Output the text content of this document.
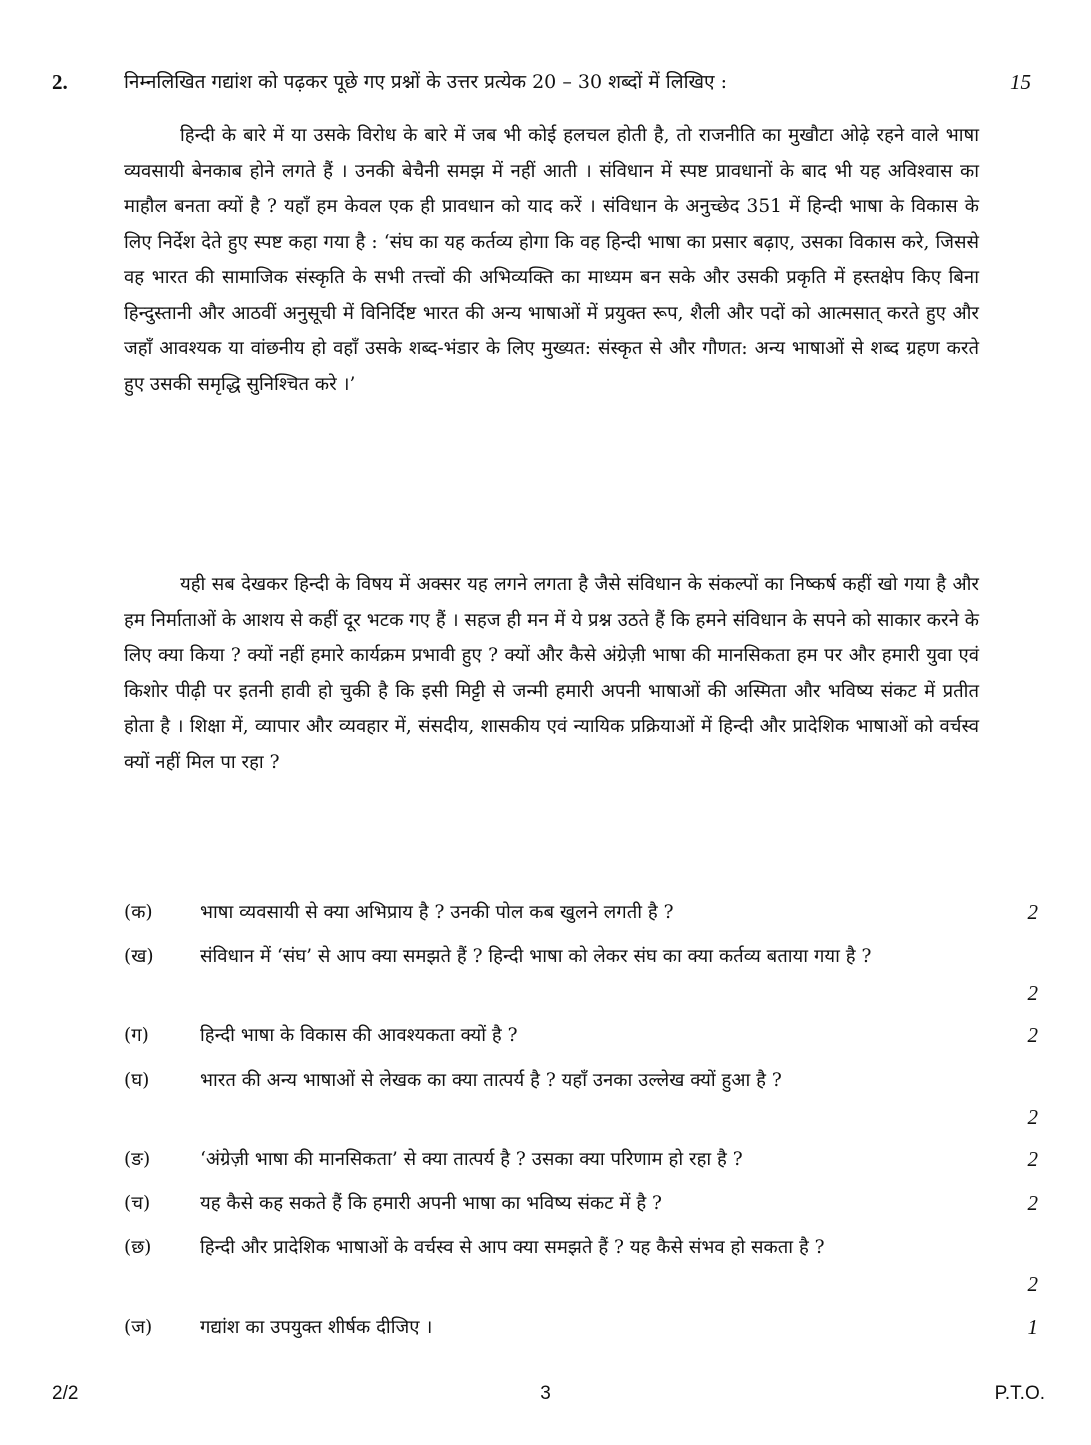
2.	निम्नलिखित गद्यांश को पढ़कर पूछे गए प्रश्नों के उत्तर प्रत्येक 20 – 30 शब्दों में लिखिए :	15

हिन्दी के बारे में या उसके विरोध के बारे में जब भी कोई हलचल होती है, तो राजनीति का मुखौटा ओढ़े रहने वाले भाषा व्यवसायी बेनकाब होने लगते हैं । उनकी बेचैनी समझ में नहीं आती । संविधान में स्पष्ट प्रावधानों के बाद भी यह अविश्वास का माहौल बनता क्यों है ? यहाँ हम केवल एक ही प्रावधान को याद करें । संविधान के अनुच्छेद 351 में हिन्दी भाषा के विकास के लिए निर्देश देते हुए स्पष्ट कहा गया है : ‘संघ का यह कर्तव्य होगा कि वह हिन्दी भाषा का प्रसार बढ़ाए, उसका विकास करे, जिससे वह भारत की सामाजिक संस्कृति के सभी तत्त्वों की अभिव्यक्ति का माध्यम बन सके और उसकी प्रकृति में हस्तक्षेप किए बिना हिन्दुस्तानी और आठवीं अनुसूची में विनिर्दिष्ट भारत की अन्य भाषाओं में प्रयुक्त रूप, शैली और पदों को आत्मसात् करते हुए और जहाँ आवश्यक या वांछनीय हो वहाँ उसके शब्द-भंडार के लिए मुख्यत: संस्कृत से और गौणत: अन्य भाषाओं से शब्द ग्रहण करते हुए उसकी समृद्धि सुनिश्चित करे ।’

यही सब देखकर हिन्दी के विषय में अक्सर यह लगने लगता है जैसे संविधान के संकल्पों का निष्कर्ष कहीं खो गया है और हम निर्माताओं के आशय से कहीं दूर भटक गए हैं । सहज ही मन में ये प्रश्न उठते हैं कि हमने संविधान के सपने को साकार करने के लिए क्या किया ? क्यों नहीं हमारे कार्यक्रम प्रभावी हुए ? क्यों और कैसे अंग्रेज़ी भाषा की मानसिकता हम पर और हमारी युवा एवं किशोर पीढ़ी पर इतनी हावी हो चुकी है कि इसी मिट्टी से जन्मी हमारी अपनी भाषाओं की अस्मिता और भविष्य संकट में प्रतीत होता है । शिक्षा में, व्यापार और व्यवहार में, संसदीय, शासकीय एवं न्यायिक प्रक्रियाओं में हिन्दी और प्रादेशिक भाषाओं को वर्चस्व क्यों नहीं मिल पा रहा ?

(क)	भाषा व्यवसायी से क्या अभिप्राय है ? उनकी पोल कब खुलने लगती है ?	2
(ख)	संविधान में ‘संघ’ से आप क्या समझते हैं ? हिन्दी भाषा को लेकर संघ का क्या कर्तव्य बताया गया है ?
2
(ग)	हिन्दी भाषा के विकास की आवश्यकता क्यों है ?	2
(घ)	भारत की अन्य भाषाओं से लेखक का क्या तात्पर्य है ? यहाँ उनका उल्लेख क्यों हुआ है ?
2
(ङ)	‘अंग्रेज़ी भाषा की मानसिकता’ से क्या तात्पर्य है ? उसका क्या परिणाम हो रहा है ?	2
(च)	यह कैसे कह सकते हैं कि हमारी अपनी भाषा का भविष्य संकट में है ?	2
(छ)	हिन्दी और प्रादेशिक भाषाओं के वर्चस्व से आप क्या समझते हैं ? यह कैसे संभव हो सकता है ?
2
(ज)	गद्यांश का उपयुक्त शीर्षक दीजिए ।	1
2/2	3	P.T.O.
